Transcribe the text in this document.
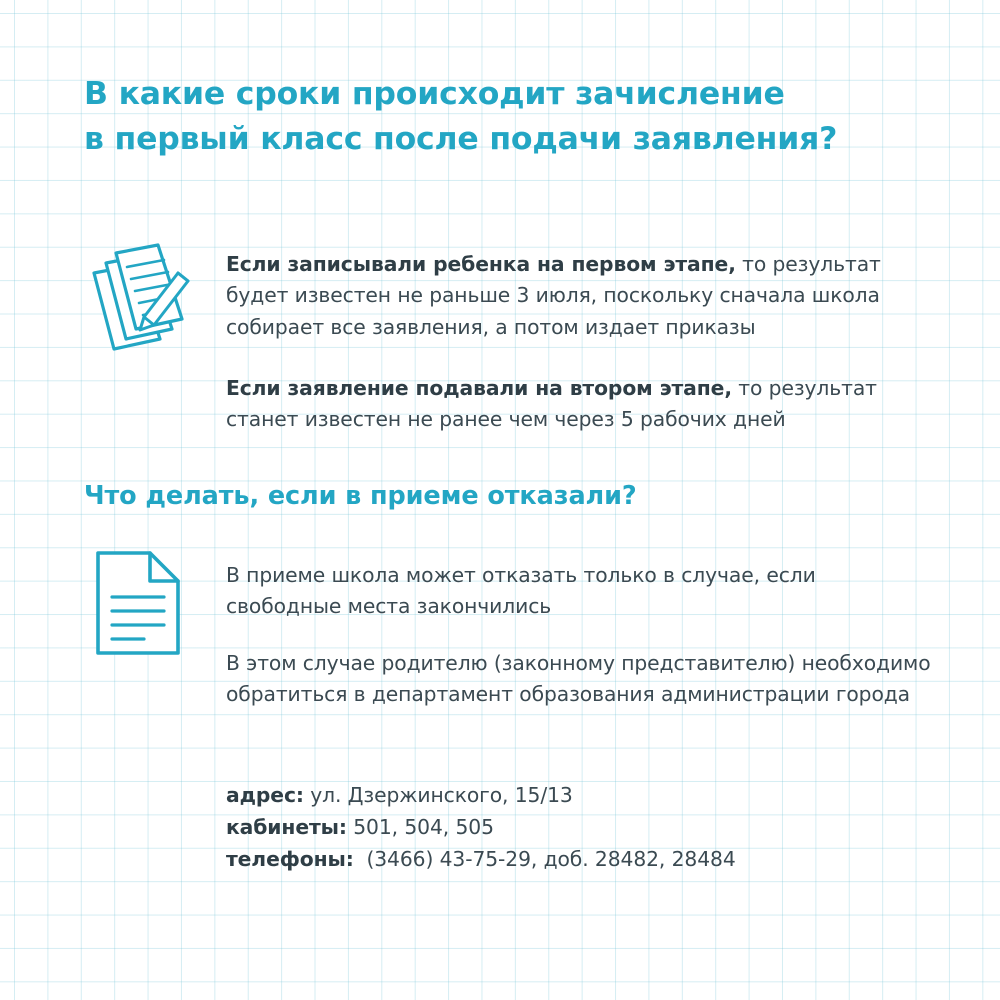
В какие сроки происходит зачисление
в первый класс после подачи заявления?

Если записывали ребенка на первом этапе, то результат будет известен не раньше 3 июля, поскольку сначала школа собирает все заявления, а потом издает приказы

Если заявление подавали на втором этапе, то результат станет известен не ранее чем через 5 рабочих дней

Что делать, если в приеме отказали?

В приеме школа может отказать только в случае, если свободные места закончились

В этом случае родителю (законному представителю) необходимо обратиться в департамент образования администрации города

адрес: ул. Дзержинского, 15/13
кабинеты: 501, 504, 505
телефоны:  (3466) 43-75-29, доб. 28482, 28484
